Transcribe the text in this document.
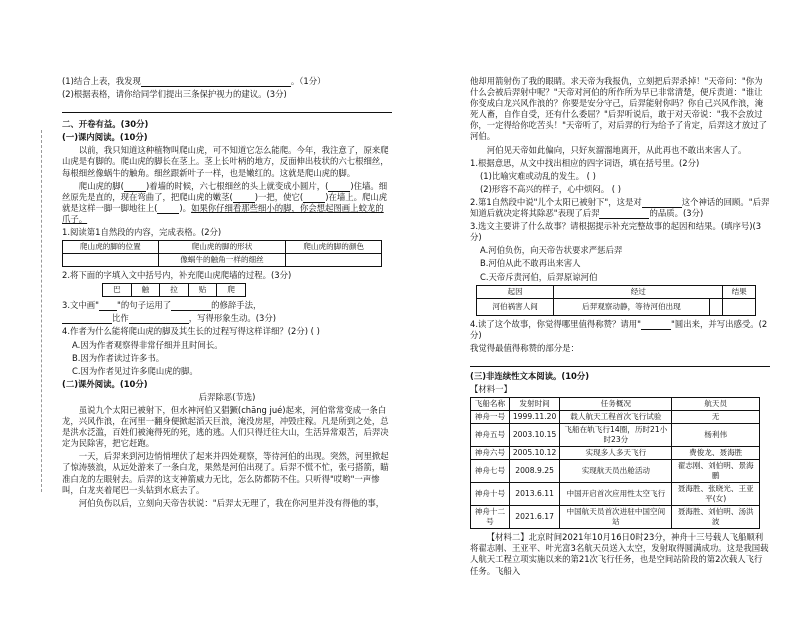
(1)结合上表，我发现	。（1分）

(2)根据表格，请你给同学们提出三条保护视力的建议。(3分)

二、开卷有益。(30分)

(一)课内阅读。(10分)

以前，我只知道这种植物叫爬山虎，可不知道它怎么能爬。今年，我注意了，原来爬山虎是有脚的。爬山虎的脚长在茎上。茎上长叶柄的地方，反面伸出枝状的六七根细丝，每根细丝像蜗牛的触角。细丝跟新叶子一样，也是嫩红的。这就是爬山虎的脚。

爬山虎的脚(	)着墙的时候，六七根细丝的头上就变成小圆片，(	)住墙。细丝原先是直的，现在弯曲了，把爬山虎的嫩茎(	)一把，使它(	)在墙上。爬山虎就是这样一脚一脚地往上(	)。如果你仔细看那些细小的脚，你会想起图画上蛟龙的爪子。

1.阅读第1自然段的内容，完成表格。(2分)

爬山虎的脚的位置	爬山虎的脚的形状	爬山虎的脚的颜色
	像蜗牛的触角一样的细丝	

2.将下面的字填入文中括号内，补充爬山虎爬墙的过程。(3分)

巴	触	拉	贴	爬

3.文中画" "的句子运用了	的修辞手法，

比作	，写得形象生动。(3分)

4.作者为什么能将爬山虎的脚及其生长的过程写得这样详细？(2分) ( )

A.因为作者观察得非常仔细并且时间长。

B.因为作者读过许多书。

C.因为作者见过许多爬山虎的脚。

(二)课外阅读。(10分)

后羿除恶(节选)

虽说九个太阳已被射下，但水神河伯又猖獗(chāng jué)起来，河伯常常变成一条白龙，兴风作浪，在河里一翻身便掀起滔天巨浪，淹没房屋，冲毁庄稼。凡是所到之处，总是洪水泛滥，百姓们被淹得死的死，逃的逃。人们只得迁往大山，生活异常艰苦，后羿决定为民除害，把它赶跑。

一天，后羿来到河边悄悄埋伏了起来并四处观察，等待河伯的出现。突然，河里掀起了惊涛骇浪，从远处游来了一条白龙，果然是河伯出现了。后羿不慌不忙，张弓搭箭，瞄准白龙的左眼射去。后羿的这支神箭威力无比，怎么防都防不住。只听得"哎哟"一声惨叫，白龙夹着尾巴一头钻到水底去了。

河伯负伤以后，立刻向天帝告状说："后羿太无理了，我在你河里并没有得他的事，

他却用箭射伤了我的眼睛。求天帝为我报仇，立刻把后羿杀掉！"天帝问："你为什么会被后羿射中呢？"天帝对河伯的所作所为早已非常清楚，便斥责道："谁让你变成白龙兴风作浪的？你要是安分守己，后羿能射你吗？你自己兴风作浪，淹死人畜，自作自受，还有什么委屈？"后羿听说后，敢于对天帝说："我不会放过你，一定得给你吃苦头！"天帝听了，对后羿的行为给予了肯定，后羿这才放过了河伯。

河伯见天帝如此偏向，只好灰溜溜地离开，从此再也不敢出来害人了。

1.根据意思，从文中找出相应的四字词语，填在括号里。(2分)

(1)比喻灾难或动乱的发生。 ( )

(2)形容不高兴的样子，心中烦闷。 ( )

2.第1自然段中说"儿个太阳已被射下"，这是对	这个神话的回顾。"后羿知道后就决定将其除恶"表现了后羿	的品质。(3分)

3.选文主要讲了什么故事？请根据提示补充完整故事的起因和结果。(填序号)(3分)

A.河伯负伤，向天帝告状要求严惩后羿

B.河伯从此不敢再出来害人

C.天帝斥责河伯，后羿原谅河伯

起因	经过		结果
河伯祸害人间	后羿观察动静，等待河伯出现		

4.读了这个故事，你觉得哪里值得称赞？请用"	"圆出来，并写出感受。(2分)

我觉得最值得称赞的部分是：

(三)非连续性文本阅读。(10分)

【材料一】

飞船名称	发射时间	任务概况	航天员
神舟一号	1999.11.20	载人航天工程首次飞行试验	无
神舟五号	2003.10.15	飞船在轨飞行14圈，历时21小时23分	杨利伟
神舟六号	2005.10.12	实现多人多天飞行	费俊龙、聂海胜
神舟七号	2008.9.25	实现航天员出舱活动	翟志刚、刘伯明、景海鹏
神舟十号	2013.6.11	中国开启首次应用性太空飞行	聂海胜、张晓光、王亚平(女)
神舟十二号	2021.6.17	中国航天员首次进驻中国空间站	聂海胜、刘伯明、汤洪波

【材料二】北京时间2021年10月16日0时23分，神舟十三号载人飞船顺利将翟志刚、王亚平、叶光富3名航天员送入太空，发射取得圆满成功。这是我国载人航天工程立项实施以来的第21次飞行任务，也是空间站阶段的第2次载人飞行任务。飞船入
